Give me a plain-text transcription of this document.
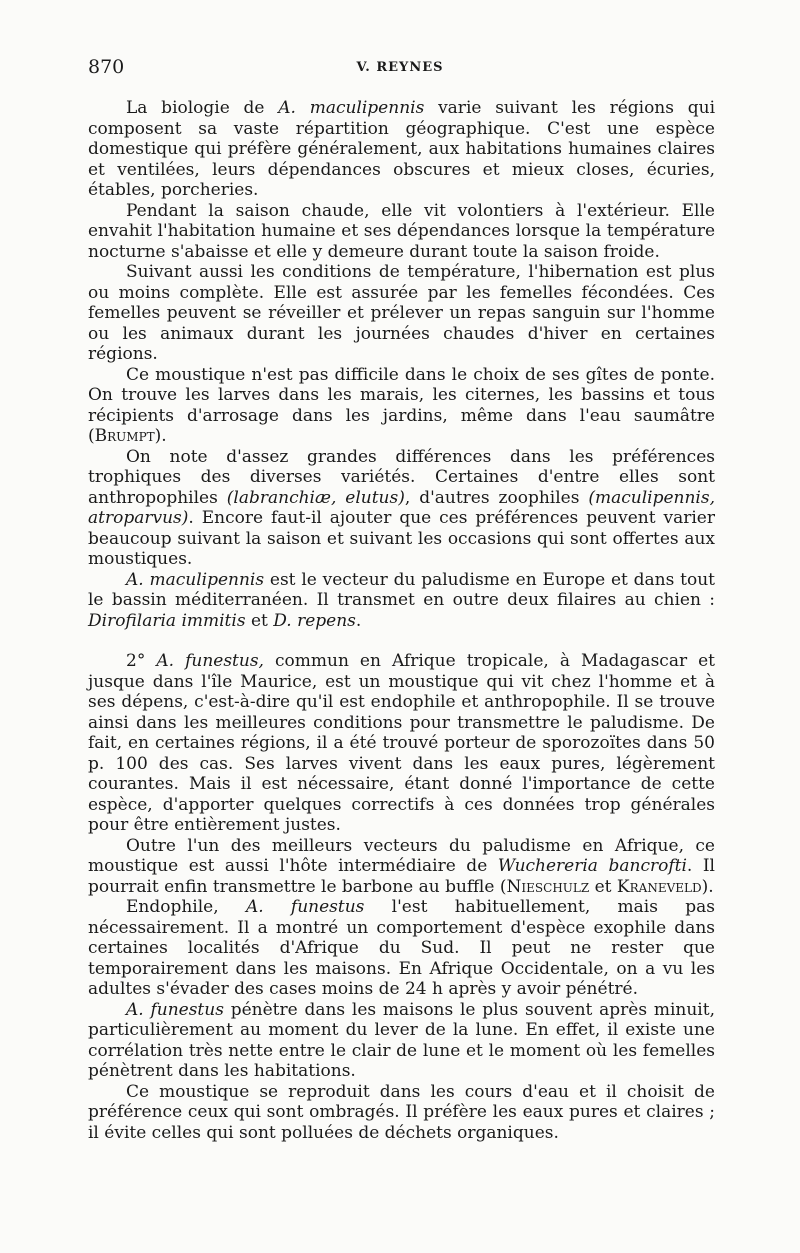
870	V. REYNES

La biologie de A. maculipennis varie suivant les régions qui composent sa vaste répartition géographique. C'est une espèce domestique qui préfère généralement, aux habitations humaines claires et ventilées, leurs dépendances obscures et mieux closes, écuries, étables, porcheries.

Pendant la saison chaude, elle vit volontiers à l'extérieur. Elle envahit l'habitation humaine et ses dépendances lorsque la température nocturne s'abaisse et elle y demeure durant toute la saison froide.

Suivant aussi les conditions de température, l'hibernation est plus ou moins complète. Elle est assurée par les femelles fécondées. Ces femelles peuvent se réveiller et prélever un repas sanguin sur l'homme ou les animaux durant les journées chaudes d'hiver en certaines régions.

Ce moustique n'est pas difficile dans le choix de ses gîtes de ponte. On trouve les larves dans les marais, les citernes, les bassins et tous récipients d'arrosage dans les jardins, même dans l'eau saumâtre (Brumpt).

On note d'assez grandes différences dans les préférences trophiques des diverses variétés. Certaines d'entre elles sont anthropophiles (labranchiæ, elutus), d'autres zoophiles (maculipennis, atroparvus). Encore faut-il ajouter que ces préférences peuvent varier beaucoup suivant la saison et suivant les occasions qui sont offertes aux moustiques.

A. maculipennis est le vecteur du paludisme en Europe et dans tout le bassin méditerranéen. Il transmet en outre deux filaires au chien : Dirofilaria immitis et D. repens.

2° A. funestus, commun en Afrique tropicale, à Madagascar et jusque dans l'île Maurice, est un moustique qui vit chez l'homme et à ses dépens, c'est-à-dire qu'il est endophile et anthropophile. Il se trouve ainsi dans les meilleures conditions pour transmettre le paludisme. De fait, en certaines régions, il a été trouvé porteur de sporozoïtes dans 50 p. 100 des cas. Ses larves vivent dans les eaux pures, légèrement courantes. Mais il est nécessaire, étant donné l'importance de cette espèce, d'apporter quelques correctifs à ces données trop générales pour être entièrement justes.

Outre l'un des meilleurs vecteurs du paludisme en Afrique, ce moustique est aussi l'hôte intermédiaire de Wuchereria bancrofti. Il pourrait enfin transmettre le barbone au buffle (Nieschulz et Kraneveld).

Endophile, A. funestus l'est habituellement, mais pas nécessairement. Il a montré un comportement d'espèce exophile dans certaines localités d'Afrique du Sud. Il peut ne rester que temporairement dans les maisons. En Afrique Occidentale, on a vu les adultes s'évader des cases moins de 24 h après y avoir pénétré.

A. funestus pénètre dans les maisons le plus souvent après minuit, particulièrement au moment du lever de la lune. En effet, il existe une corrélation très nette entre le clair de lune et le moment où les femelles pénètrent dans les habitations.

Ce moustique se reproduit dans les cours d'eau et il choisit de préférence ceux qui sont ombragés. Il préfère les eaux pures et claires ; il évite celles qui sont polluées de déchets organiques.
